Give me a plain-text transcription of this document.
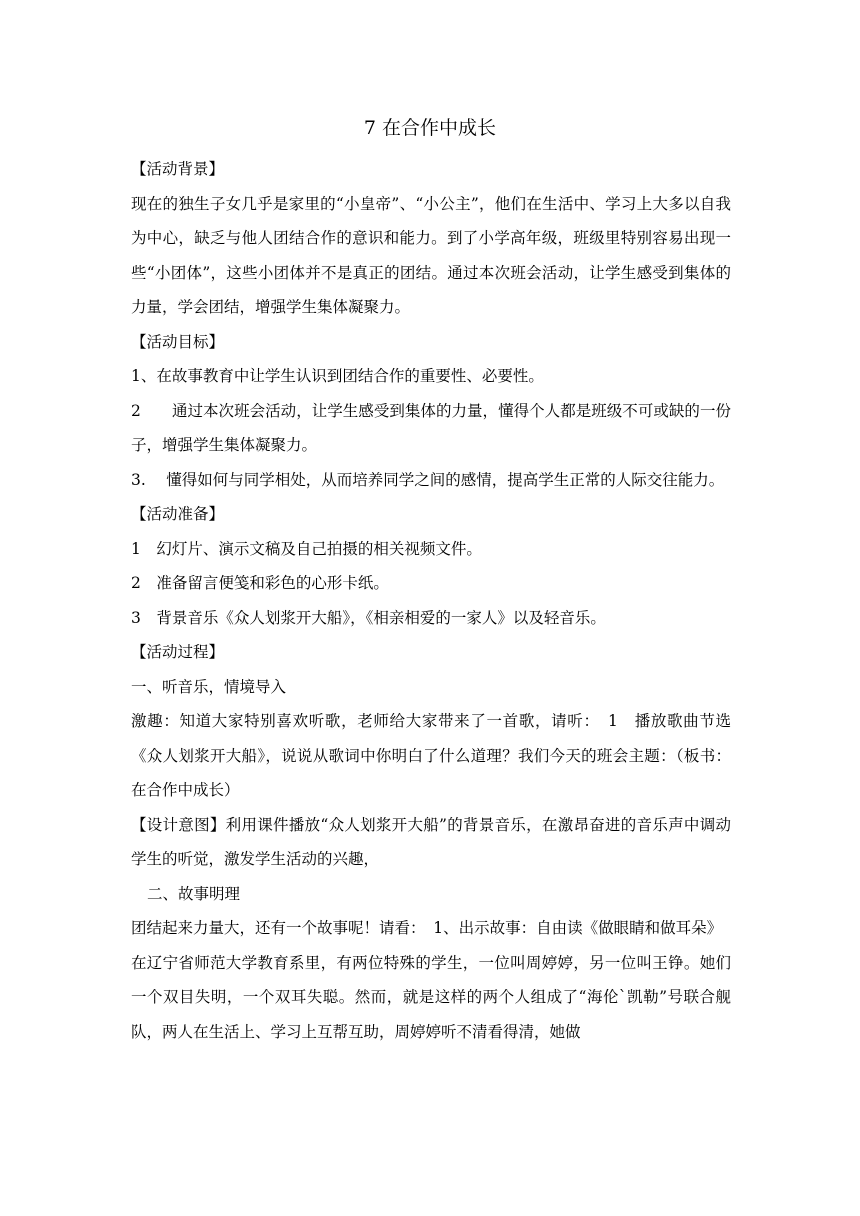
7 在合作中成长

【活动背景】

现在的独生子女几乎是家里的“小皇帝”、“小公主”，他们在生活中、学习上大多以自我为中心，缺乏与他人团结合作的意识和能力。到了小学高年级，班级里特别容易出现一些“小团体”，这些小团体并不是真正的团结。通过本次班会活动，让学生感受到集体的力量，学会团结，增强学生集体凝聚力。

【活动目标】

1、在故事教育中让学生认识到团结合作的重要性、必要性。

2　　通过本次班会活动，让学生感受到集体的力量，懂得个人都是班级不可或缺的一份子，增强学生集体凝聚力。

3.　 懂得如何与同学相处，从而培养同学之间的感情，提高学生正常的人际交往能力。

【活动准备】

1　幻灯片、演示文稿及自己拍摄的相关视频文件。

2　准备留言便笺和彩色的心形卡纸。

3　背景音乐《众人划浆开大船》，《相亲相爱的一家人》以及轻音乐。

【活动过程】

一、听音乐，情境导入

激趣：知道大家特别喜欢听歌，老师给大家带来了一首歌，请听：　1　播放歌曲节选《众人划浆开大船》，说说从歌词中你明白了什么道理？我们今天的班会主题：（板书：在合作中成长）

【设计意图】利用课件播放“众人划浆开大船”的背景音乐，在激昂奋进的音乐声中调动学生的听觉，激发学生活动的兴趣，

二、故事明理

团结起来力量大，还有一个故事呢！请看：　1、出示故事：自由读《做眼睛和做耳朵》

在辽宁省师范大学教育系里，有两位特殊的学生，一位叫周婷婷，另一位叫王铮。她们一个双目失明，一个双耳失聪。然而，就是这样的两个人组成了“海伦`凯勒”号联合舰队，两人在生活上、学习上互帮互助，周婷婷听不清看得清，她做
